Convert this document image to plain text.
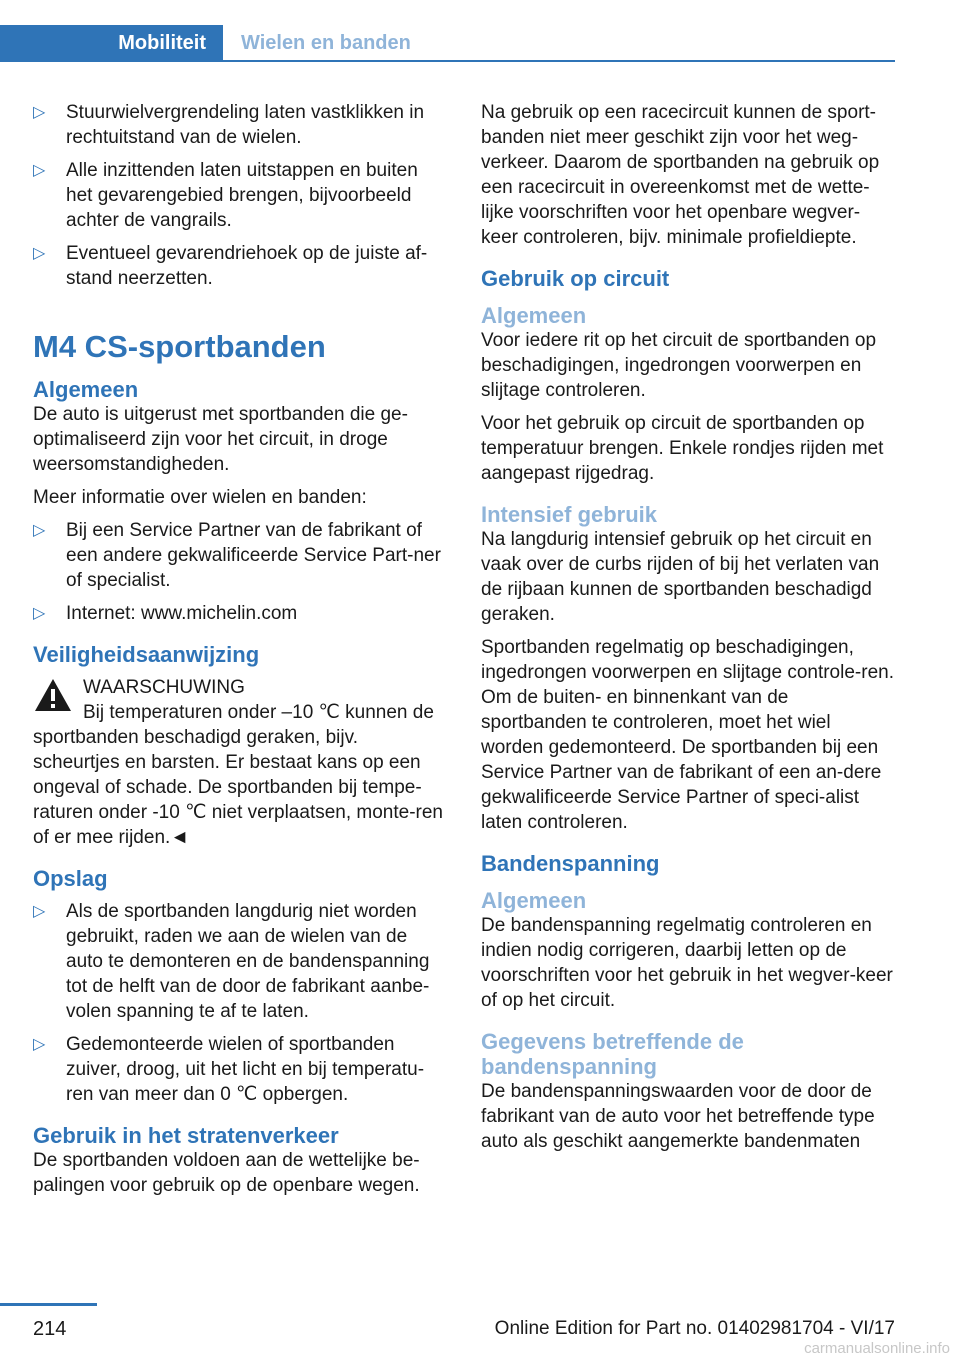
Mobiliteit	Wielen en banden
▷ Stuurwielvergrendeling laten vastklikken in rechtuitstand van de wielen.
▷ Alle inzittenden laten uitstappen en buiten het gevarengebied brengen, bijvoorbeeld achter de vangrails.
▷ Eventueel gevarendriehoek op de juiste af‐stand neerzetten.
M4 CS-sportbanden
Algemeen

De auto is uitgerust met sportbanden die ge‐optimaliseerd zijn voor het circuit, in droge weersomstandigheden.

Meer informatie over wielen en banden:

▷ Bij een Service Partner van de fabrikant of een andere gekwalificeerde Service Part‐ner of specialist.
▷ Internet: www.michelin.com
Veiligheidsaanwijzing
WAARSCHUWING
Bij temperaturen onder –10 ℃ kunnen de sportbanden beschadigd geraken, bijv. scheurtjes en barsten. Er bestaat kans op een ongeval of schade. De sportbanden bij tempe‐raturen onder -10 ℃ niet verplaatsen, monte‐ren of er mee rijden.◄
Opslag
▷ Als de sportbanden langdurig niet worden gebruikt, raden we aan de wielen van de auto te demonteren en de bandenspanning tot de helft van de door de fabrikant aanbe‐volen spanning te af te laten.
▷ Gedemonteerde wielen of sportbanden zuiver, droog, uit het licht en bij temperatu‐ren van meer dan 0 ℃ opbergen.
Gebruik in het stratenverkeer

De sportbanden voldoen aan de wettelijke be‐palingen voor gebruik op de openbare wegen.

Na gebruik op een racecircuit kunnen de sport‐banden niet meer geschikt zijn voor het weg‐verkeer. Daarom de sportbanden na gebruik op een racecircuit in overeenkomst met de wette‐lijke voorschriften voor het openbare wegver‐keer controleren, bijv. minimale profieldiepte.

Gebruik op circuit
Algemeen

Voor iedere rit op het circuit de sportbanden op beschadigingen, ingedrongen voorwerpen en slijtage controleren.

Voor het gebruik op circuit de sportbanden op temperatuur brengen. Enkele rondjes rijden met aangepast rijgedrag.

Intensief gebruik

Na langdurig intensief gebruik op het circuit en vaak over de curbs rijden of bij het verlaten van de rijbaan kunnen de sportbanden beschadigd geraken.

Sportbanden regelmatig op beschadigingen, ingedrongen voorwerpen en slijtage controle‐ren. Om de buiten- en binnenkant van de sportbanden te controleren, moet het wiel worden gedemonteerd. De sportbanden bij een Service Partner van de fabrikant of een an‐dere gekwalificeerde Service Partner of speci‐alist laten controleren.

Bandenspanning
Algemeen

De bandenspanning regelmatig controleren en indien nodig corrigeren, daarbij letten op de voorschriften voor het gebruik in het wegver‐keer of op het circuit.

Gegevens betreffende de bandenspanning

De bandenspanningswaarden voor de door de fabrikant van de auto voor het betreffende type auto als geschikt aangemerkte bandenmaten

214	Online Edition for Part no. 01402981704 - VI/17
carmanualsonline.info
